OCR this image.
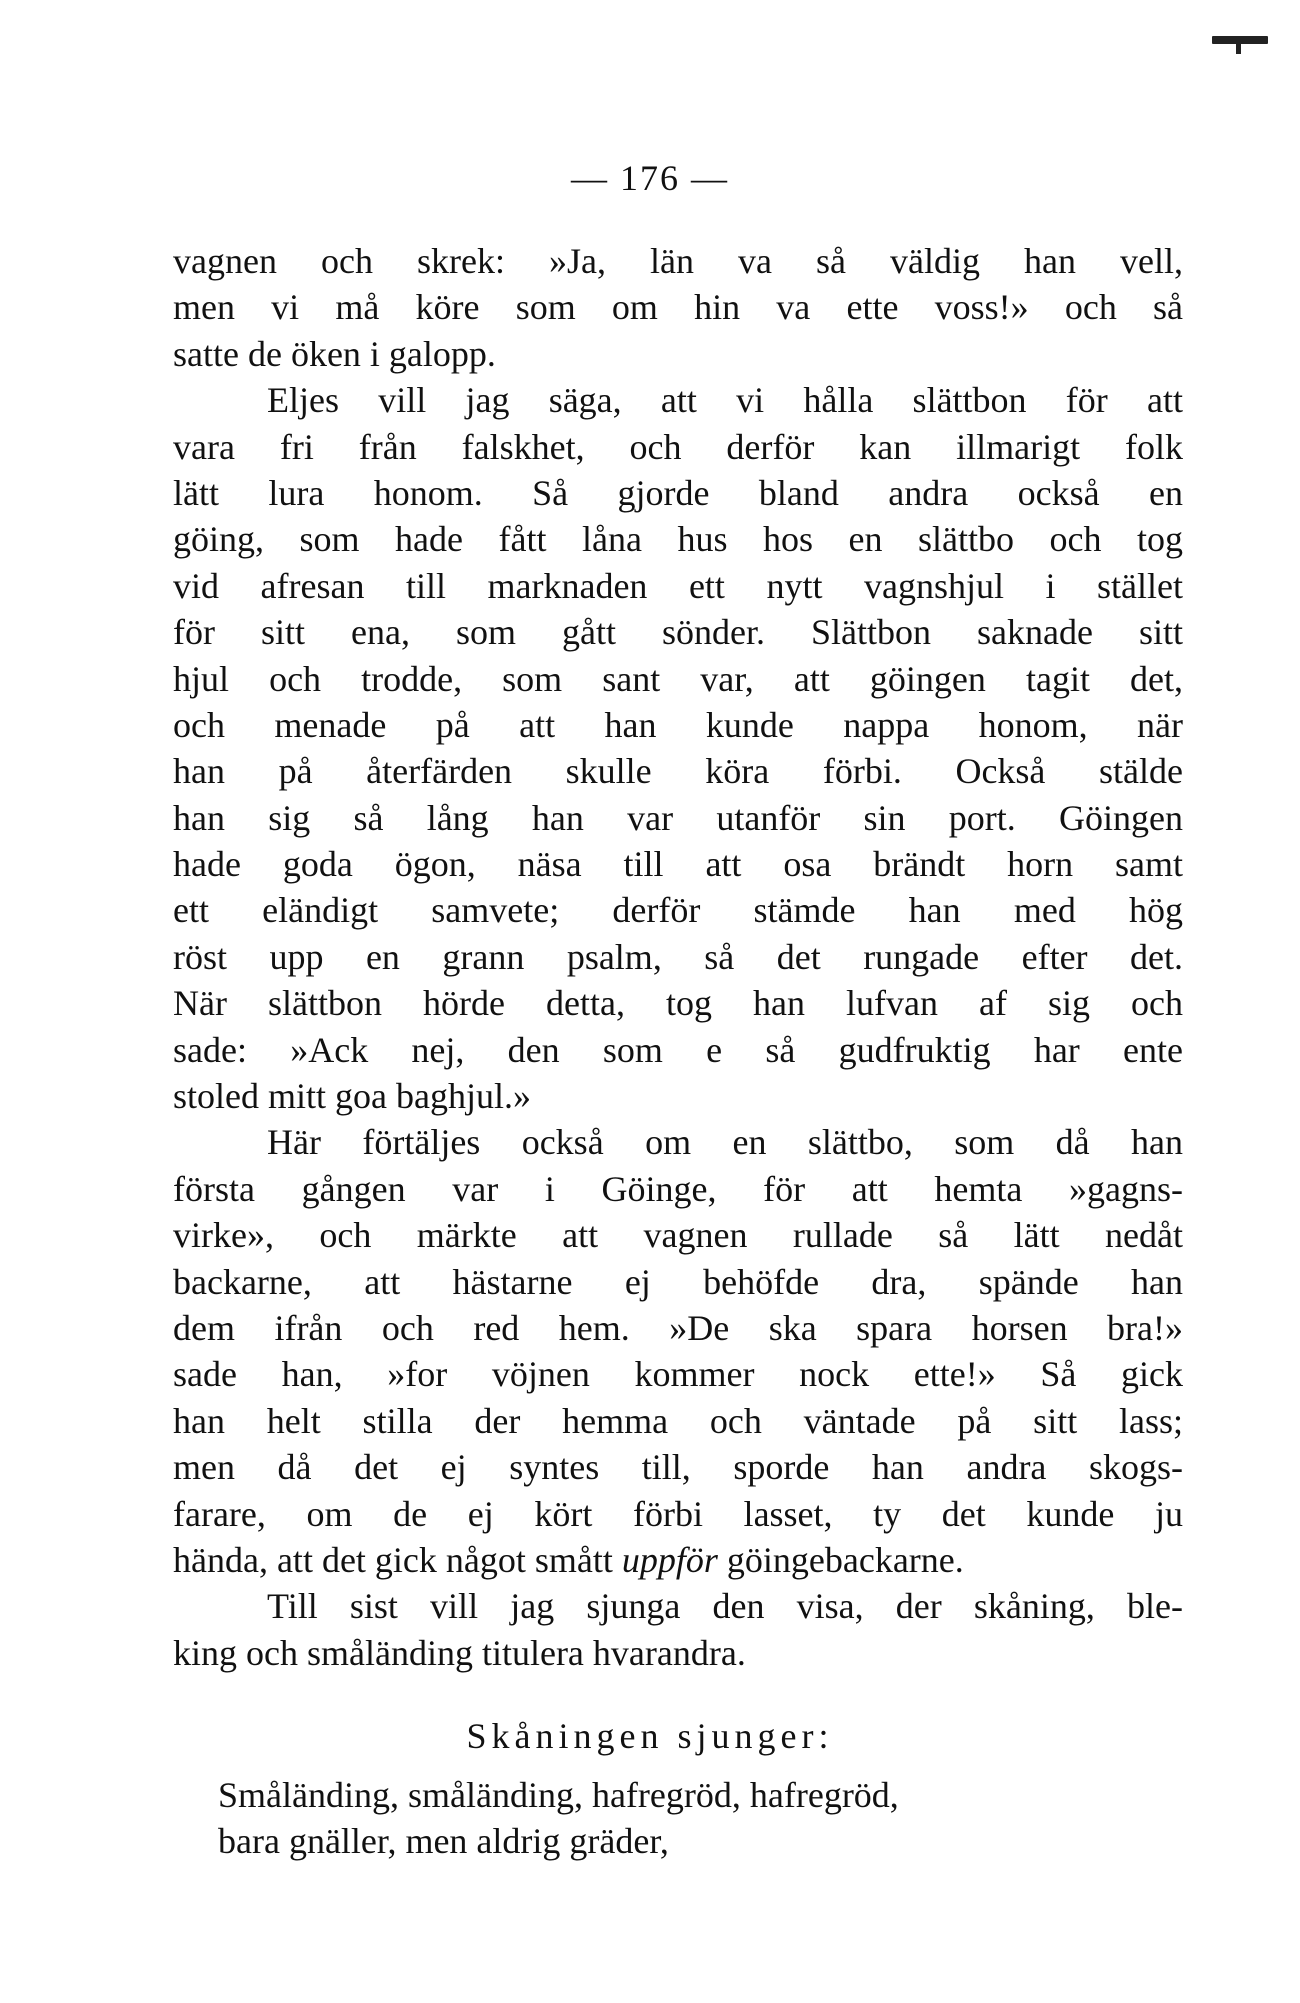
— 176 —
vagnen och skrek: »Ja, län va så väldig han vell,
men vi må köre som om hin va ette voss!» och så
satte de öken i galopp.
Eljes vill jag säga, att vi hålla slättbon för att
vara fri från falskhet, och derför kan illmarigt folk
lätt lura honom. Så gjorde bland andra också en
göing, som hade fått låna hus hos en slättbo och tog
vid afresan till marknaden ett nytt vagnshjul i stället
för sitt ena, som gått sönder. Slättbon saknade sitt
hjul och trodde, som sant var, att göingen tagit det,
och menade på att han kunde nappa honom, när
han på återfärden skulle köra förbi. Också stälde
han sig så lång han var utanför sin port. Göingen
hade goda ögon, näsa till att osa brändt horn samt
ett eländigt samvete; derför stämde han med hög
röst upp en grann psalm, så det rungade efter det.
När slättbon hörde detta, tog han lufvan af sig och
sade: »Ack nej, den som e så gudfruktig har ente
stoled mitt goa baghjul.»
Här förtäljes också om en slättbo, som då han
första gången var i Göinge, för att hemta »gagns-
virke», och märkte att vagnen rullade så lätt nedåt
backarne, att hästarne ej behöfde dra, spände han
dem ifrån och red hem. »De ska spara horsen bra!»
sade han, »for vöjnen kommer nock ette!» Så gick
han helt stilla der hemma och väntade på sitt lass;
men då det ej syntes till, sporde han andra skogs-
farare, om de ej kört förbi lasset, ty det kunde ju
hända, att det gick något smått uppför göingebackarne.
Till sist vill jag sjunga den visa, der skåning, ble-
king och småländing titulera hvarandra.
Skåningen sjunger:
Småländing, småländing, hafregröd, hafregröd,
bara gnäller, men aldrig gräder,
